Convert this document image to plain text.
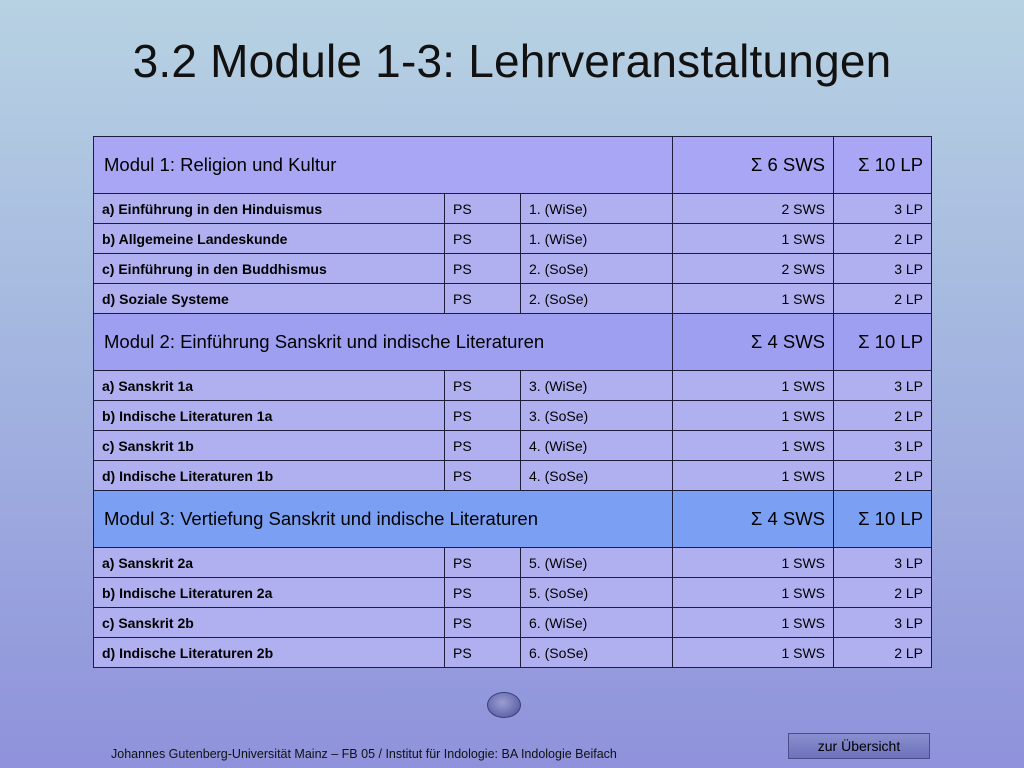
3.2 Module 1-3: Lehrveranstaltungen
Modul 1: Religion und Kultur			Σ 6 SWS	Σ 10 LP
a) Einführung in den Hinduismus	PS	1. (WiSe)	2 SWS	3 LP
b) Allgemeine Landeskunde	PS	1. (WiSe)	1 SWS	2 LP
c) Einführung in den Buddhismus	PS	2. (SoSe)	2 SWS	3 LP
d) Soziale Systeme	PS	2. (SoSe)	1 SWS	2 LP
Modul 2: Einführung Sanskrit und indische Literaturen			Σ 4 SWS	Σ 10 LP
a) Sanskrit 1a	PS	3. (WiSe)	1 SWS	3 LP
b) Indische Literaturen 1a	PS	3. (SoSe)	1 SWS	2 LP
c) Sanskrit 1b	PS	4. (WiSe)	1 SWS	3 LP
d) Indische Literaturen 1b	PS	4. (SoSe)	1 SWS	2 LP
Modul 3: Vertiefung Sanskrit und indische Literaturen			Σ 4 SWS	Σ 10 LP
a) Sanskrit 2a	PS	5. (WiSe)	1 SWS	3 LP
b) Indische Literaturen 2a	PS	5. (SoSe)	1 SWS	2 LP
c) Sanskrit 2b	PS	6. (WiSe)	1 SWS	3 LP
d) Indische Literaturen 2b	PS	6. (SoSe)	1 SWS	2 LP
Johannes Gutenberg-Universität Mainz – FB 05 / Institut für Indologie: BA Indologie Beifach	zur Übersicht
